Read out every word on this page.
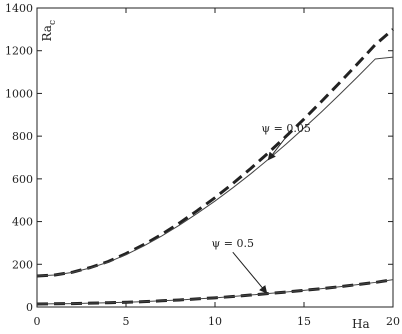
0	5	10	15	20
0
200
400
600
800
1000
1200
1400
ψ = 0.05
ψ = 0.5
Ha
$Ra_c$
